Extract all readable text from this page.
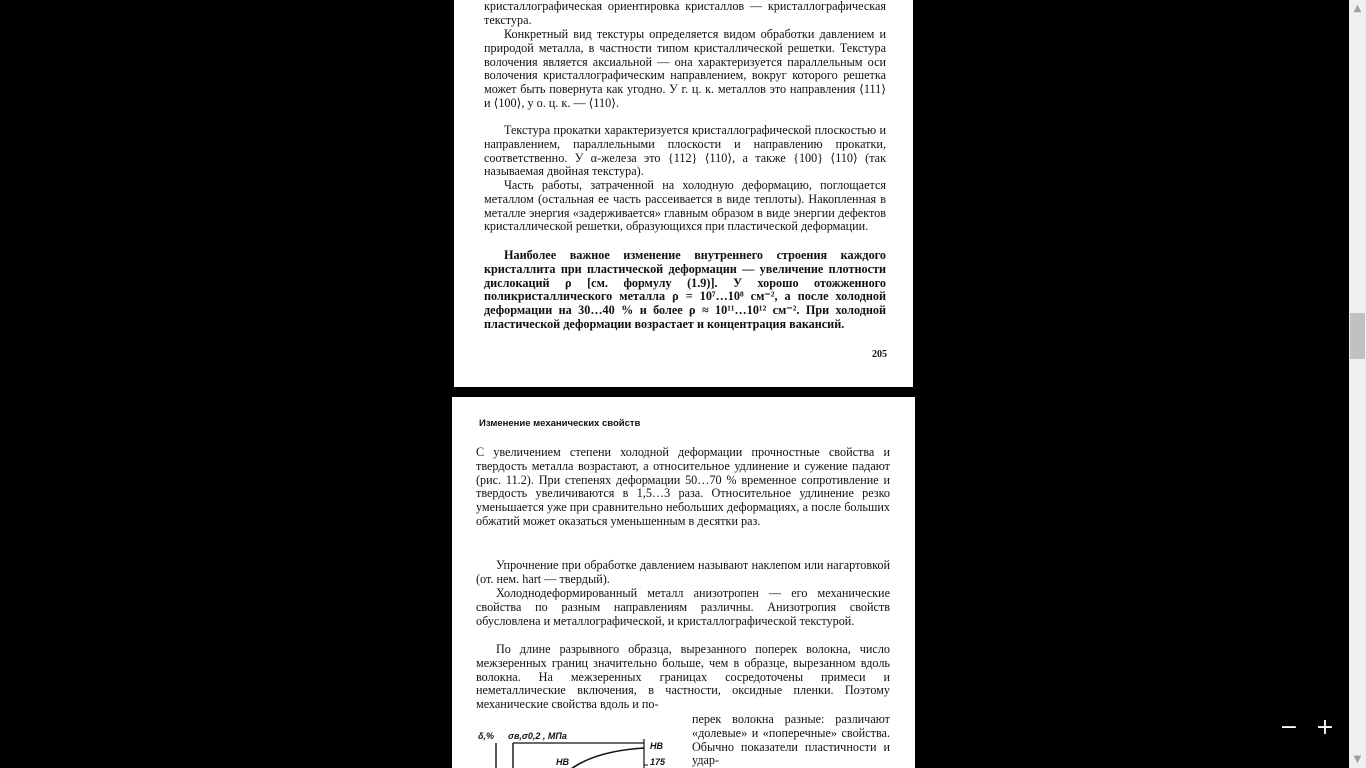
кристаллографическая ориентировка кристаллов — кристаллографическая текстура.

Конкретный вид текстуры определяется видом обработки давлением и природой металла, в частности типом кристаллической решетки. Текстура волочения является аксиальной — она характеризуется параллельным оси волочения кристаллографическим направлением, вокруг которого решетка может быть повернута как угодно. У г. ц. к. металлов это направления ⟨111⟩ и ⟨100⟩, у о. ц. к. — ⟨110⟩.

Текстура прокатки характеризуется кристаллографической плоскостью и направлением, параллельными плоскости и направлению прокатки, соответственно. У α-железа это {112} ⟨110⟩, а также {100} ⟨110⟩ (так называемая двойная текстура).

Часть работы, затраченной на холодную деформацию, поглощается металлом (остальная ее часть рассеивается в виде теплоты). Накопленная в металле энергия «задерживается» главным образом в виде энергии дефектов кристаллической решетки, образующихся при пластической деформации.

Наиболее важное изменение внутреннего строения каждого кристаллита при пластической деформации — увеличение плотности дислокаций ρ [см. формулу (1.9)]. У хорошо отожженного поликристаллического металла ρ = 10⁷…10⁸ см⁻², а после холодной деформации на 30…40 % и более ρ ≈ 10¹¹…10¹² см⁻². При холодной пластической деформации возрастает и концентрация вакансий.

205
Изменение механических свойств

С увеличением степени холодной деформации прочностные свойства и твердость металла возрастают, а относительное удлинение и сужение падают (рис. 11.2). При степенях деформации 50…70 % временное сопротивление и твердость увеличиваются в 1,5…3 раза. Относительное удлинение резко уменьшается уже при сравнительно небольших деформациях, а после больших обжатий может оказаться уменьшенным в десятки раз.

Упрочнение при обработке давлением называют наклепом или нагартовкой (от. нем. hart — твердый).

Холоднодеформированный металл анизотропен — его механические свойства по разным направлениям различны. Анизотропия свойств обусловлена и металлографической, и кристаллографической текстурой.

По длине разрывного образца, вырезанного поперек волокна, число межзеренных границ значительно больше, чем в образце, вырезанном вдоль волокна. На межзеренных границах сосредоточены примеси и неметаллические включения, в частности, оксидные пленки. Поэтому механические свойства вдоль и по-

перек волокна разные: различают «долевые» и «поперечные» свойства. Обычно показатели пластичности и удар-

δ,% σв,σ0,2 , МПа
НВ
НВ	175
▲
▼
− +
